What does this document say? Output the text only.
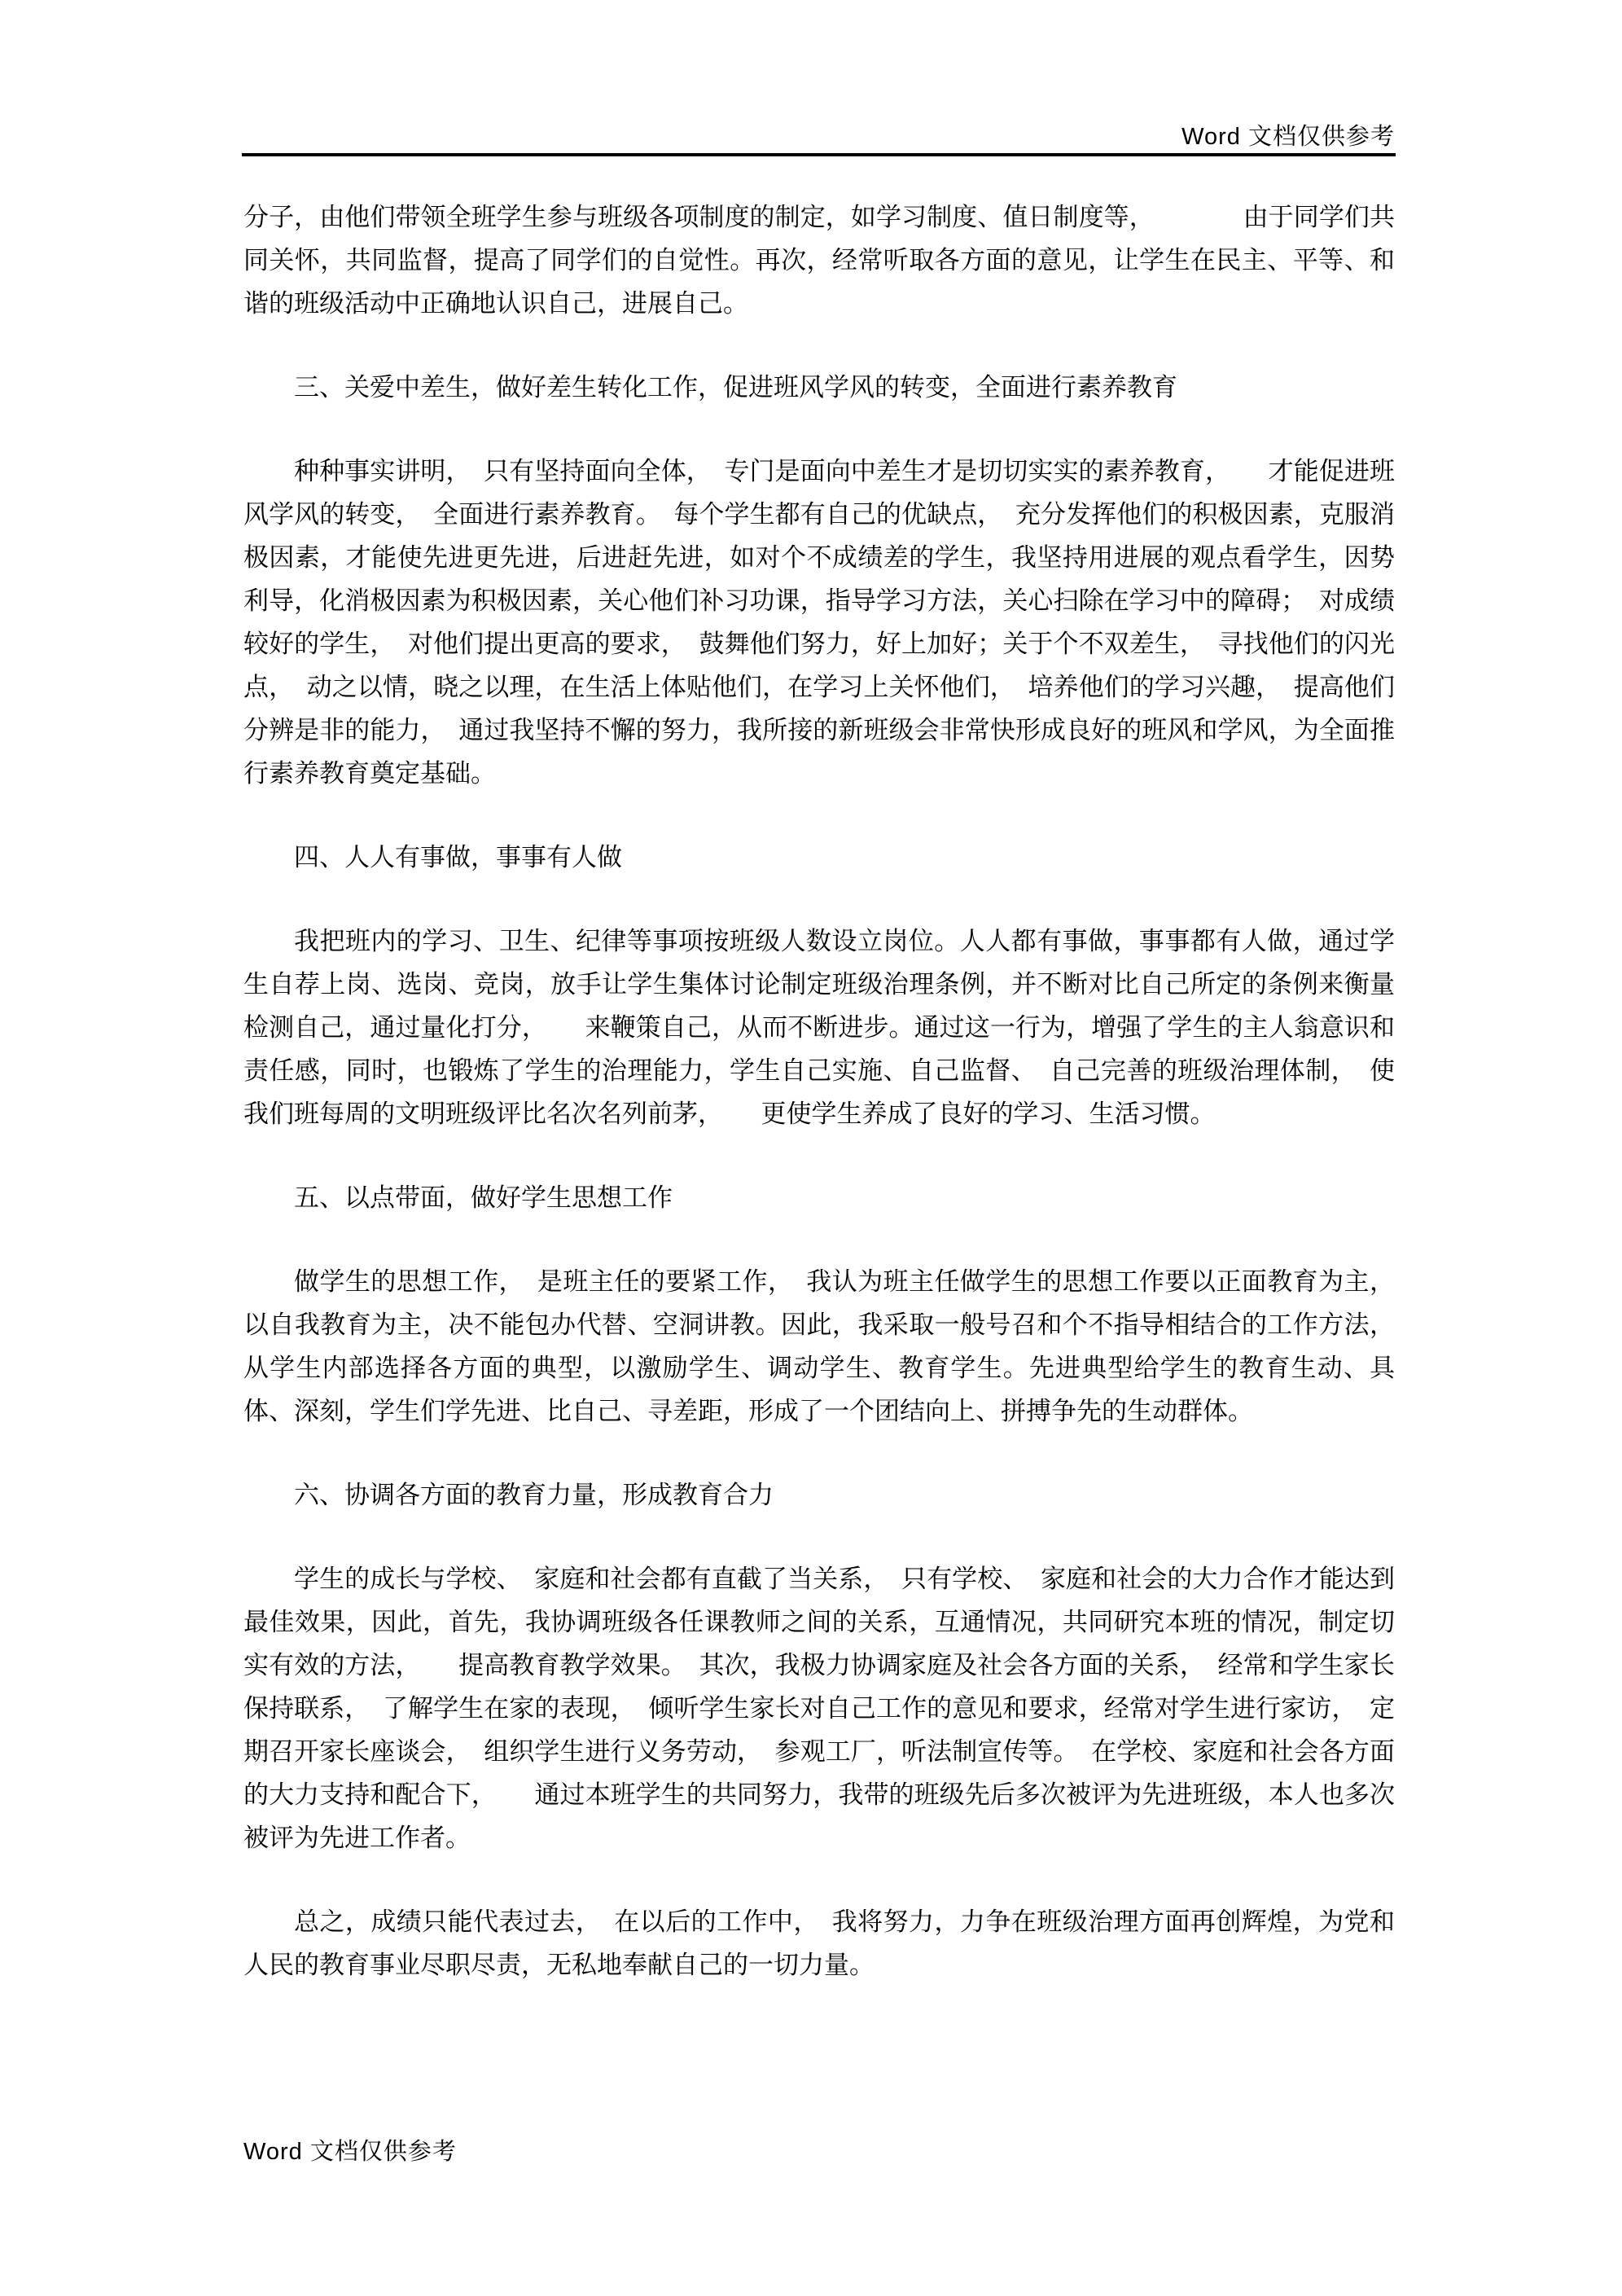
Word 文档仅供参考

分子，由他们带领全班学生参与班级各项制度的制定，如学习制度、值日制度等，　　　　由于同学们共同关怀，共同监督，提高了同学们的自觉性。再次，经常听取各方面的意见，让学生在民主、平等、和谐的班级活动中正确地认识自己，进展自己。

三、关爱中差生，做好差生转化工作，促进班风学风的转变，全面进行素养教育

种种事实讲明，　只有坚持面向全体，　专门是面向中差生才是切切实实的素养教育，　　才能促进班风学风的转变，　全面进行素养教育。　每个学生都有自己的优缺点，　充分发挥他们的积极因素，克服消极因素，才能使先进更先进，后进赶先进，如对个不成绩差的学生，我坚持用进展的观点看学生，因势利导，化消极因素为积极因素，关心他们补习功课，指导学习方法，关心扫除在学习中的障碍；　对成绩较好的学生，　对他们提出更高的要求，　鼓舞他们努力，好上加好；关于个不双差生，　寻找他们的闪光点，　动之以情，晓之以理，在生活上体贴他们，在学习上关怀他们，　培养他们的学习兴趣，　提高他们分辨是非的能力，　通过我坚持不懈的努力，我所接的新班级会非常快形成良好的班风和学风，为全面推行素养教育奠定基础。

四、人人有事做，事事有人做

我把班内的学习、卫生、纪律等事项按班级人数设立岗位。人人都有事做，事事都有人做，通过学生自荐上岗、选岗、竞岗，放手让学生集体讨论制定班级治理条例，并不断对比自己所定的条例来衡量检测自己，通过量化打分，　　来鞭策自己，从而不断进步。通过这一行为，增强了学生的主人翁意识和责任感，同时，也锻炼了学生的治理能力，学生自己实施、自己监督、　自己完善的班级治理体制，　使我们班每周的文明班级评比名次名列前茅，　　更使学生养成了良好的学习、生活习惯。

五、以点带面，做好学生思想工作

做学生的思想工作，　是班主任的要紧工作，　我认为班主任做学生的思想工作要以正面教育为主，以自我教育为主，决不能包办代替、空洞讲教。因此，我采取一般号召和个不指导相结合的工作方法，从学生内部选择各方面的典型，以激励学生、调动学生、教育学生。先进典型给学生的教育生动、具体、深刻，学生们学先进、比自己、寻差距，形成了一个团结向上、拼搏争先的生动群体。

六、协调各方面的教育力量，形成教育合力

学生的成长与学校、　家庭和社会都有直截了当关系，　只有学校、　家庭和社会的大力合作才能达到最佳效果，因此，首先，我协调班级各任课教师之间的关系，互通情况，共同研究本班的情况，制定切实有效的方法，　　提高教育教学效果。　其次，我极力协调家庭及社会各方面的关系，　经常和学生家长保持联系，　了解学生在家的表现，　倾听学生家长对自己工作的意见和要求，经常对学生进行家访，　定期召开家长座谈会，　组织学生进行义务劳动，　参观工厂，听法制宣传等。　在学校、家庭和社会各方面的大力支持和配合下，　　通过本班学生的共同努力，我带的班级先后多次被评为先进班级，本人也多次被评为先进工作者。

总之，成绩只能代表过去，　在以后的工作中，　我将努力，力争在班级治理方面再创辉煌，为党和人民的教育事业尽职尽责，无私地奉献自己的一切力量。

Word 文档仅供参考
